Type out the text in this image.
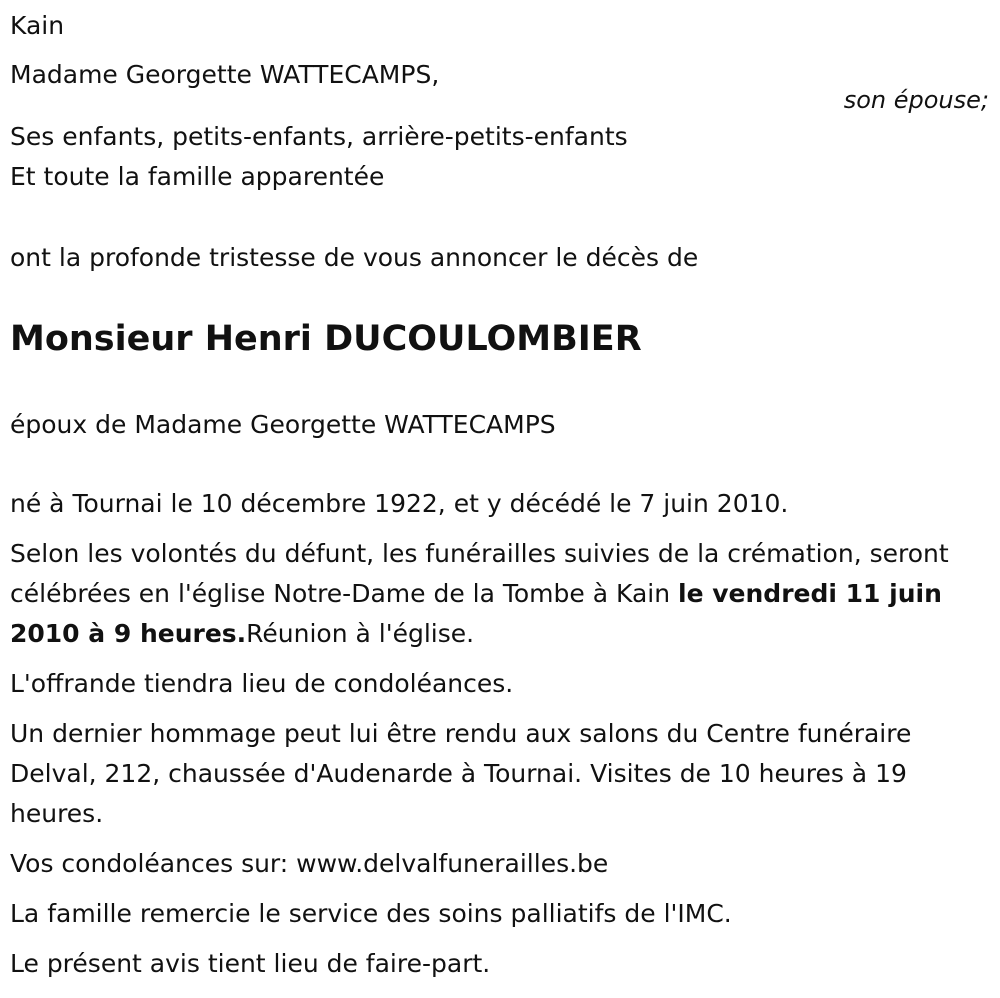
Kain

Madame Georgette WATTECAMPS,

son épouse;

Ses enfants, petits-enfants, arrière-petits-enfants

Et toute la famille apparentée

ont la profonde tristesse de vous annoncer le décès de

Monsieur Henri DUCOULOMBIER

époux de Madame Georgette WATTECAMPS

né à Tournai le 10 décembre 1922, et y décédé le 7 juin 2010.

Selon les volontés du défunt, les funérailles suivies de la crémation, seront célébrées en l'église Notre-Dame de la Tombe à Kain le vendredi 11 juin 2010 à 9 heures.Réunion à l'église.

L'offrande tiendra lieu de condoléances.

Un dernier hommage peut lui être rendu aux salons du Centre funéraire Delval, 212, chaussée d'Audenarde à Tournai. Visites de 10 heures à 19 heures.

Vos condoléances sur: www.delvalfunerailles.be

La famille remercie le service des soins palliatifs de l'IMC.

Le présent avis tient lieu de faire-part.
